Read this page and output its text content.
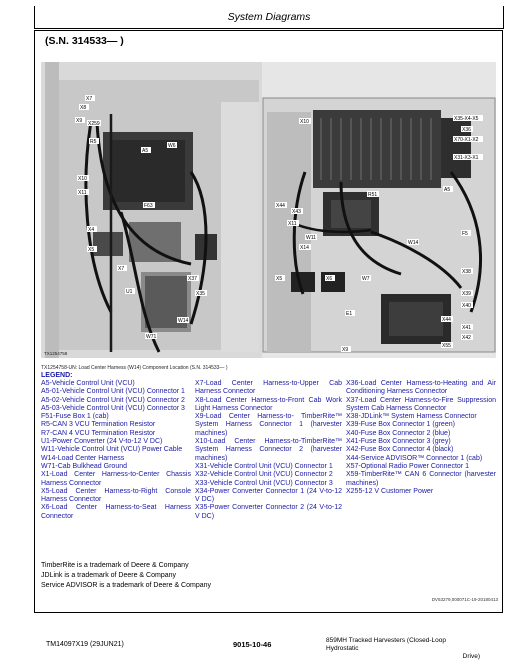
System Diagrams
(S.N. 314533— )
X7
X8
X9 X259
R5
A5
W6
X10
X11
F63
X4
X5
U1
X7
W14
W71
X37
X35
X10	X35-X4-X5
X36
X70-X1-X2
X31-X3-X1
A5
R51
X44
X43
X11
W11
X14
W14
F5
X38
X5	X6	W7
X39
E1
X40
X41
X42
X44
X55
X9
TX1254758
TX1254758-UN: Load Center Harness (W14) Component Location (S.N. 314533— )
LEGEND:
A5-Vehicle Control Unit (VCU)
A5-01-Vehicle Control Unit (VCU) Connector 1
A5-02-Vehicle Control Unit (VCU) Connector 2
A5-03-Vehicle Control Unit (VCU) Connector 3
F51-Fuse Box 1 (cab)
R5-CAN 3 VCU Termination Resistor
R7-CAN 4 VCU Termination Resistor
U1-Power Converter (24 V-to-12 V DC)
W11-Vehicle Control Unit (VCU) Power Cable
W14-Load Center Harness
W71-Cab Bulkhead Ground
X1-Load Center Harness-to-Center Chassis Harness Connector
X5-Load Center Harness-to-Right Console Harness Connector
X6-Load Center Harness-to-Seat Harness Connector
X7-Load Center Harness-to-Upper Cab Harness Connector
X8-Load Center Harness-to-Front Cab Work Light Harness Connector
X9-Load Center Harness-to- TimberRite™ System Harness Connector 1 (harvester machines)
X10-Load Center Harness-to-TimberRite™ System Harness Connector 2 (harvester machines)
X31-Vehicle Control Unit (VCU) Connector 1
X32-Vehicle Control Unit (VCU) Connector 2
X33-Vehicle Control Unit (VCU) Connector 3
X34-Power Converter Connector 1 (24 V-to-12 V DC)
X35-Power Converter Connector 2 (24 V-to-12 V DC)
X36-Load Center Harness-to-Heating and Air Conditioning Harness Connector
X37-Load Center Harness-to-Fire Suppression System Cab Harness Connector
X38-JDLink™ System Harness Connector
X39-Fuse Box Connector 1 (green)
X40-Fuse Box Connector 2 (blue)
X41-Fuse Box Connector 3 (grey)
X42-Fuse Box Connector 4 (black)
X44-Service ADVISOR™ Connector 1 (cab)
X57-Optional Radio Power Connector 1
X59-TimberRite™ CAN 6 Connector (harvester machines)
X255-12 V Customer Power
TimberRite is a trademark of Deere & Company
JDLink is a trademark of Deere & Company
Service ADVISOR is a trademark of Deere & Company
DV53279,000071C-19-20180413
TM14097X19 (29JUN21)	9015-10-46	859MH Tracked Harvesters (Closed-Loop Hydrostatic
Drive)
